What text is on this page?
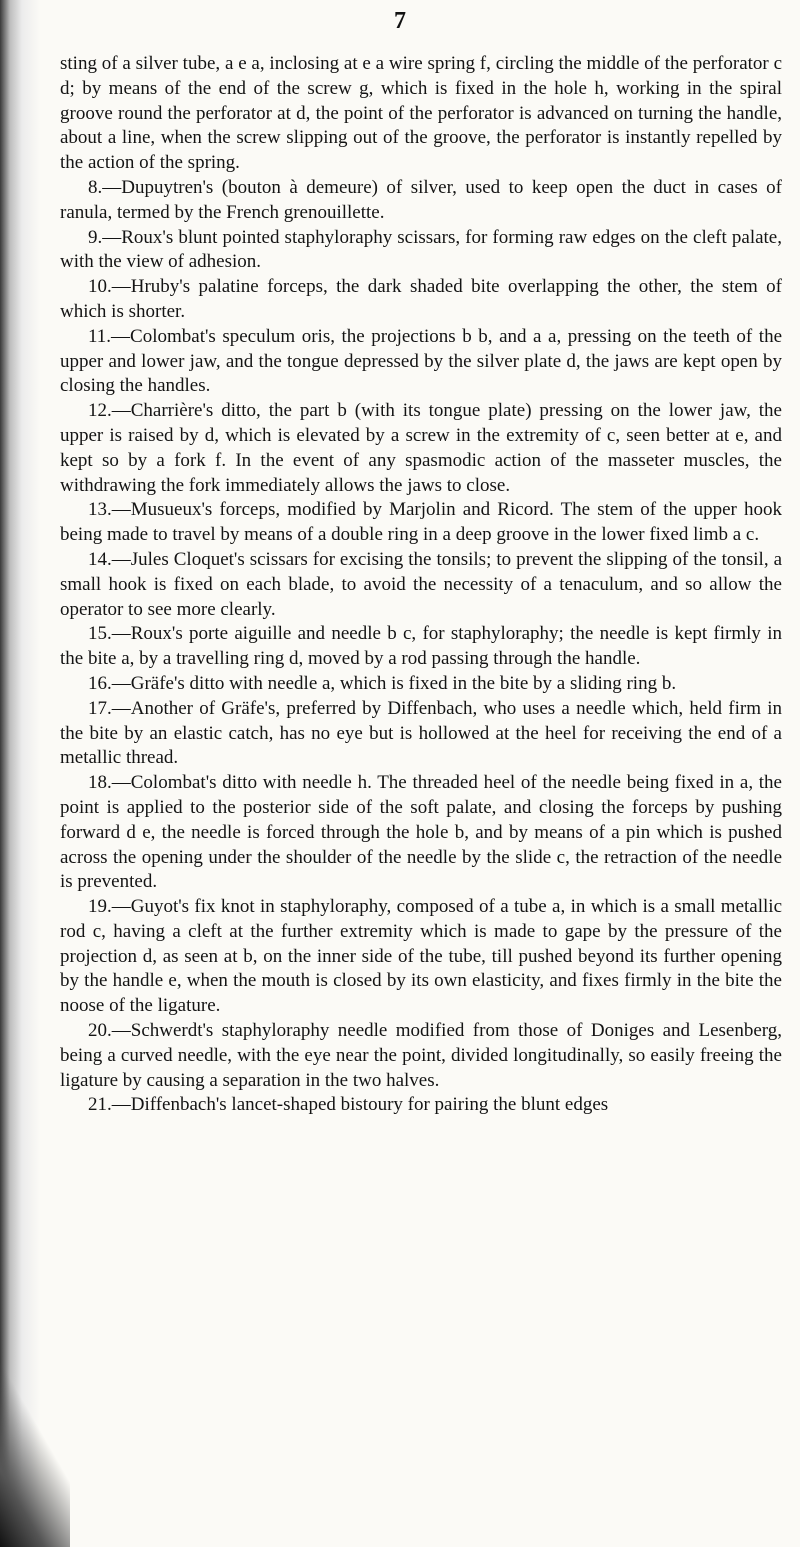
7

sting of a silver tube, a e a, inclosing at e a wire spring f, circling the middle of the perforator c d; by means of the end of the screw g, which is fixed in the hole h, working in the spiral groove round the perforator at d, the point of the perforator is advanced on turning the handle, about a line, when the screw slipping out of the groove, the perforator is instantly repelled by the action of the spring.

8.—Dupuytren's (bouton à demeure) of silver, used to keep open the duct in cases of ranula, termed by the French grenouillette.

9.—Roux's blunt pointed staphyloraphy scissars, for forming raw edges on the cleft palate, with the view of adhesion.

10.—Hruby's palatine forceps, the dark shaded bite overlapping the other, the stem of which is shorter.

11.—Colombat's speculum oris, the projections b b, and a a, pressing on the teeth of the upper and lower jaw, and the tongue depressed by the silver plate d, the jaws are kept open by closing the handles.

12.—Charrière's ditto, the part b (with its tongue plate) pressing on the lower jaw, the upper is raised by d, which is elevated by a screw in the extremity of c, seen better at e, and kept so by a fork f. In the event of any spasmodic action of the masseter muscles, the withdrawing the fork immediately allows the jaws to close.

13.—Musueux's forceps, modified by Marjolin and Ricord. The stem of the upper hook being made to travel by means of a double ring in a deep groove in the lower fixed limb a c.

14.—Jules Cloquet's scissars for excising the tonsils; to prevent the slipping of the tonsil, a small hook is fixed on each blade, to avoid the necessity of a tenaculum, and so allow the operator to see more clearly.

15.—Roux's porte aiguille and needle b c, for staphyloraphy; the needle is kept firmly in the bite a, by a travelling ring d, moved by a rod passing through the handle.

16.—Gräfe's ditto with needle a, which is fixed in the bite by a sliding ring b.

17.—Another of Gräfe's, preferred by Diffenbach, who uses a needle which, held firm in the bite by an elastic catch, has no eye but is hollowed at the heel for receiving the end of a metallic thread.

18.—Colombat's ditto with needle h. The threaded heel of the needle being fixed in a, the point is applied to the posterior side of the soft palate, and closing the forceps by pushing forward d e, the needle is forced through the hole b, and by means of a pin which is pushed across the opening under the shoulder of the needle by the slide c, the retraction of the needle is prevented.

19.—Guyot's fix knot in staphyloraphy, composed of a tube a, in which is a small metallic rod c, having a cleft at the further extremity which is made to gape by the pressure of the projection d, as seen at b, on the inner side of the tube, till pushed beyond its further opening by the handle e, when the mouth is closed by its own elasticity, and fixes firmly in the bite the noose of the ligature.

20.—Schwerdt's staphyloraphy needle modified from those of Doniges and Lesenberg, being a curved needle, with the eye near the point, divided longitudinally, so easily freeing the ligature by causing a separation in the two halves.

21.—Diffenbach's lancet-shaped bistoury for pairing the blunt edges
